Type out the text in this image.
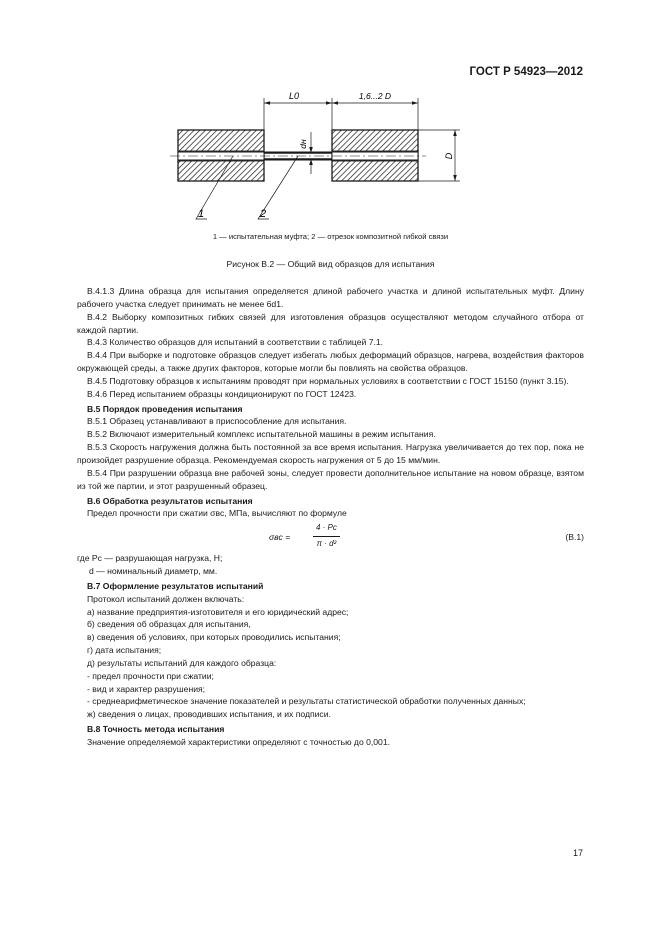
ГОСТ Р 54923—2012
L0	1,6...2 D
dн
D
1	2
1 — испытательная муфта; 2 — отрезок композитной гибкой связи
Рисунок В.2 — Общий вид образцов для испытания

В.4.1.3 Длина образца для испытания определяется длиной рабочего участка и длиной испытательных муфт. Длину рабочего участка следует принимать не менее 6d1.

В.4.2 Выборку композитных гибких связей для изготовления образцов осуществляют методом случайного отбора от каждой партии.

В.4.3 Количество образцов для испытаний в соответствии с таблицей 7.1.

В.4.4 При выборке и подготовке образцов следует избегать любых деформаций образцов, нагрева, воздействия факторов окружающей среды, а также других факторов, которые могли бы повлиять на свойства образцов.

В.4.5 Подготовку образцов к испытаниям проводят при нормальных условиях в соответствии с ГОСТ 15150 (пункт 3.15).

В.4.6 Перед испытанием образцы кондиционируют по ГОСТ 12423.

В.5 Порядок проведения испытания

В.5.1 Образец устанавливают в приспособление для испытания.

В.5.2 Включают измерительный комплекс испытательной машины в режим испытания.

В.5.3 Скорость нагружения должна быть постоянной за все время испытания. Нагрузка увеличивается до тех пор, пока не произойдет разрушение образца. Рекомендуемая скорость нагружения от 5 до 15 мм/мин.

В.5.4 При разрушении образца вне рабочей зоны, следует провести дополнительное испытание на новом образце, взятом из той же партии, и этот разрушенный образец.

В.6 Обработка результатов испытания

Предел прочности при сжатии σвс, МПа, вычисляют по формуле

σвс =	$\frac{4 \cdot Pc}{\text{π · d²}}$	(В.1)

где Pc — разрушающая нагрузка, Н;

d — номинальный диаметр, мм.

В.7 Оформление результатов испытаний

Протокол испытаний должен включать:

а) название предприятия-изготовителя и его юридический адрес;

б) сведения об образцах для испытания,

в) сведения об условиях, при которых проводились испытания;

г) дата испытания;

д) результаты испытаний для каждого образца:

- предел прочности при сжатии;

- вид и характер разрушения;

- среднеарифметическое значение показателей и результаты статистической обработки полученных данных;

ж) сведения о лицах, проводивших испытания, и их подписи.

В.8 Точность метода испытания

Значение определяемой характеристики определяют с точностью до 0,001.

17
